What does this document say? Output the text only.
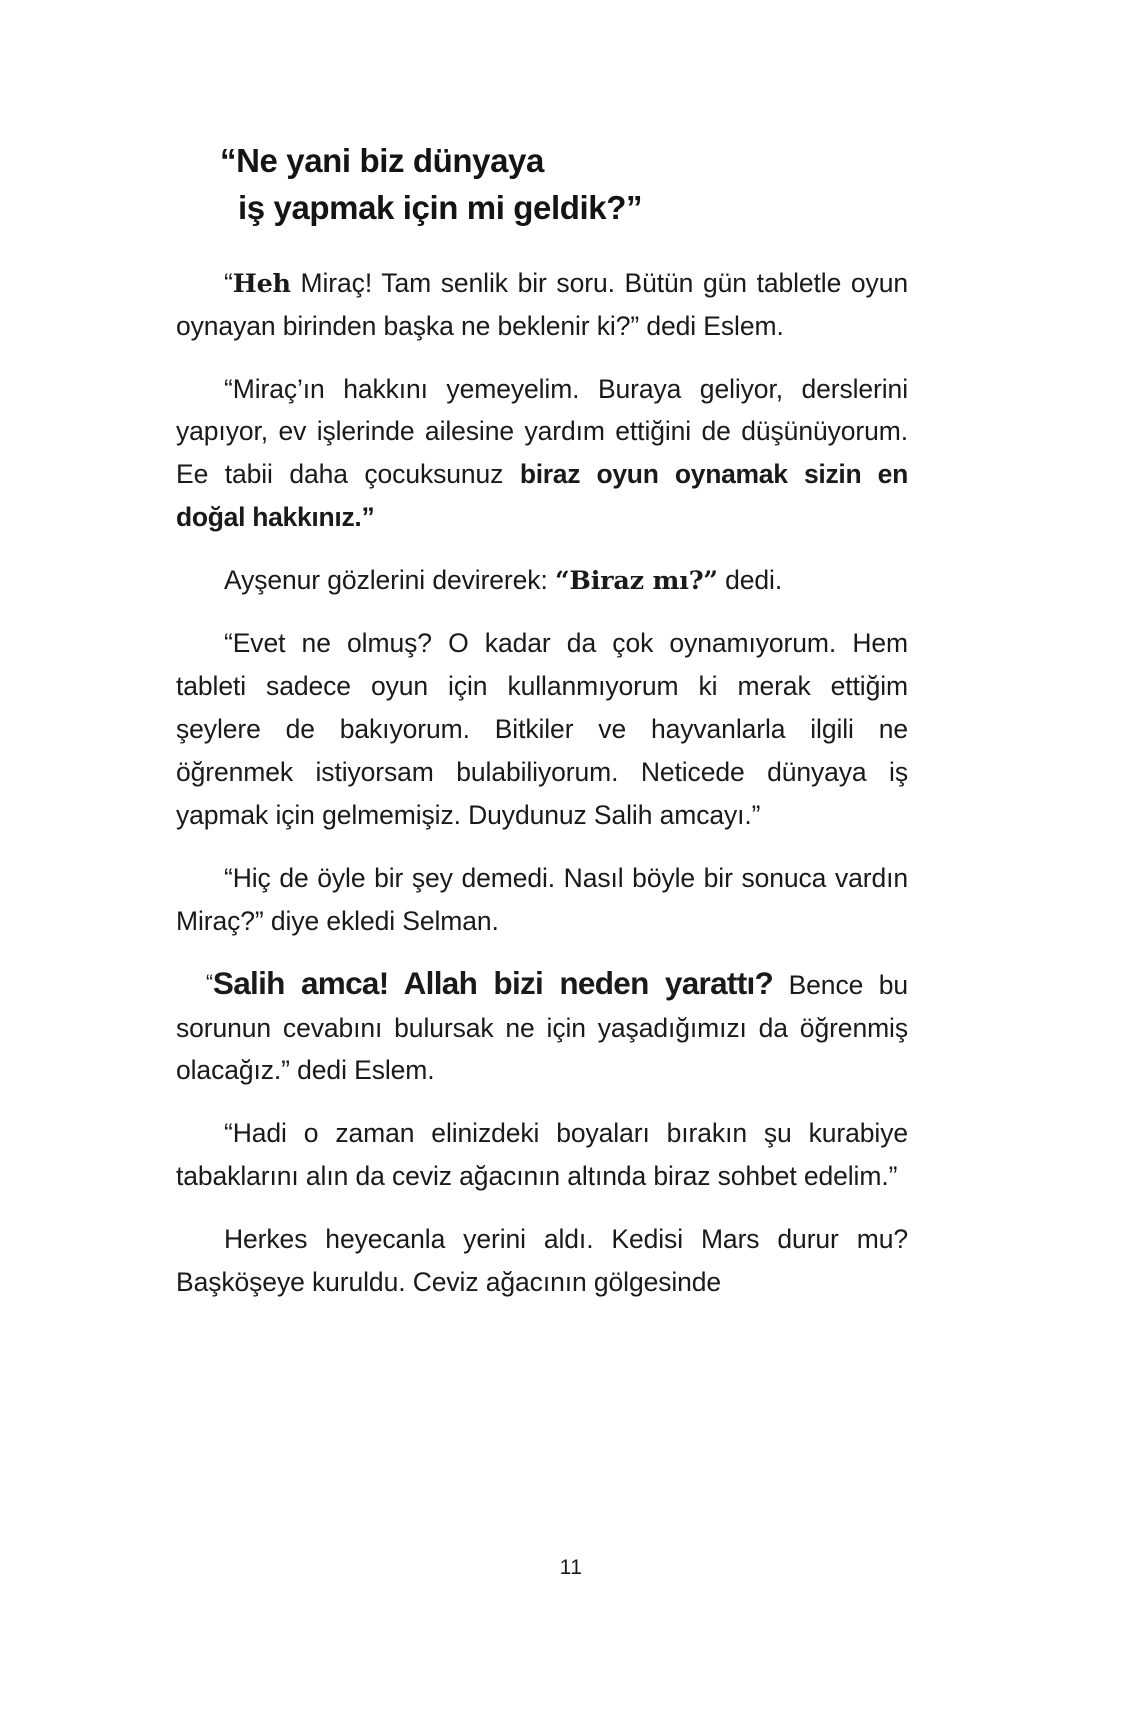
“Ne yani biz dünyaya
iş yapmak için mi geldik?”

“Heh Miraç! Tam senlik bir soru. Bütün gün tabletle oyun oynayan birinden başka ne beklenir ki?” dedi Eslem.

“Miraç’ın hakkını yemeyelim. Buraya geliyor, derslerini yapıyor, ev işlerinde ailesine yardım ettiğini de düşünüyorum. Ee tabii daha çocuksunuz biraz oyun oynamak sizin en doğal hakkınız.”

Ayşenur gözlerini devirerek: “Biraz mı?” dedi.

“Evet ne olmuş? O kadar da çok oynamıyorum. Hem tableti sadece oyun için kullanmıyorum ki merak ettiğim şeylere de bakıyorum. Bitkiler ve hayvanlarla ilgili ne öğrenmek istiyorsam bulabiliyorum. Neticede dünyaya iş yapmak için gelmemişiz. Duydunuz Salih amcayı.”

“Hiç de öyle bir şey demedi. Nasıl böyle bir sonuca vardın Miraç?” diye ekledi Selman.

“Salih amca! Allah bizi neden yarattı? Bence bu sorunun cevabını bulursak ne için yaşadığımızı da öğrenmiş olacağız.” dedi Eslem.

“Hadi o zaman elinizdeki boyaları bırakın şu kurabiye tabaklarını alın da ceviz ağacının altında biraz sohbet edelim.”

Herkes heyecanla yerini aldı. Kedisi Mars durur mu? Başköşeye kuruldu. Ceviz ağacının gölgesinde

11
